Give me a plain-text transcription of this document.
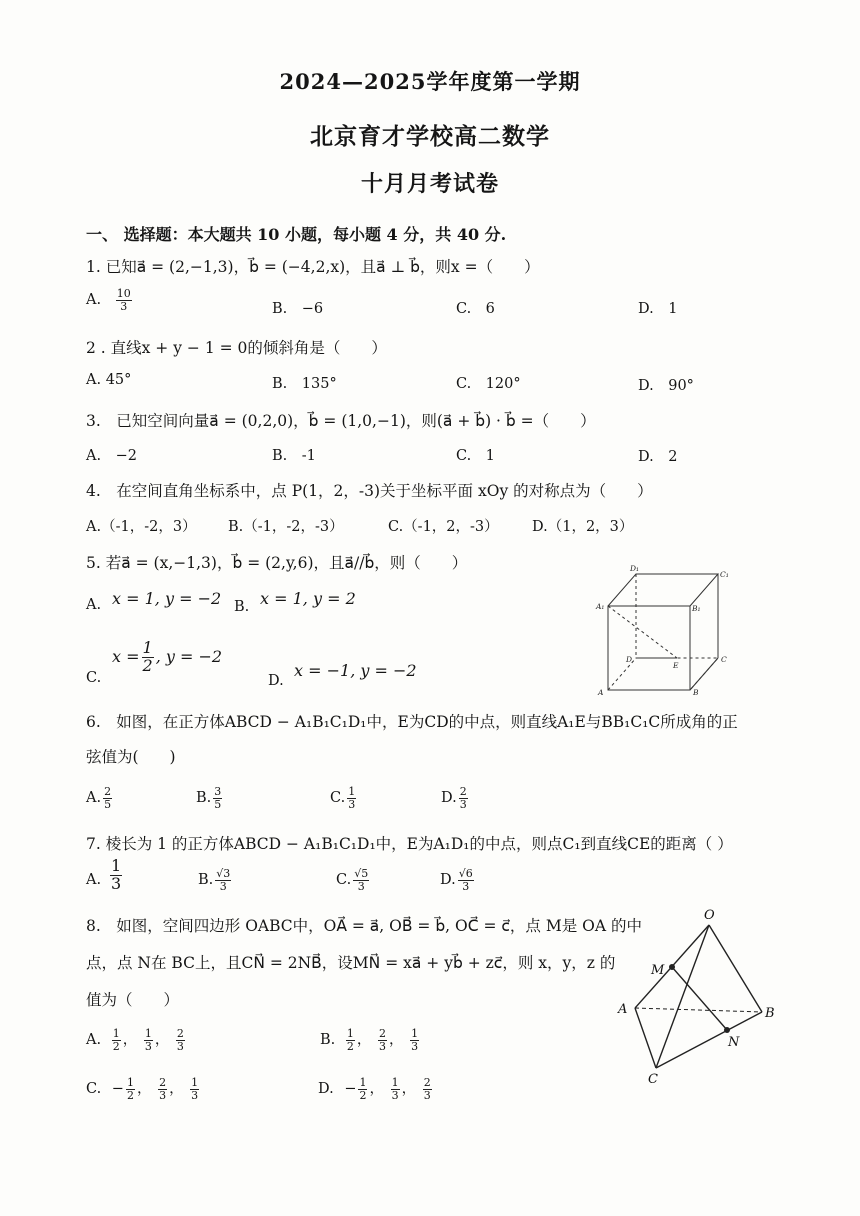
2024—2025学年度第一学期
北京育才学校高二数学
十月月考试卷
一、 选择题：本大题共 10 小题，每小题 4 分，共 40 分.
1. 已知a⃗ = (2,−1,3)，b⃗ = (−4,2,x)，且a⃗ ⊥ b⃗，则x =（　　）
A. $\frac{10}{3}$	B.　−6	C.　6	D.　1
2 . 直线x + y − 1 = 0的倾斜角是（　　）
A. 45°	B.　135°	C.　120°	D.　90°
3.　已知空间向量a⃗ = (0,2,0)，b⃗ = (1,0,−1)，则(a⃗ + b⃗) · b⃗ =（　　）
A.　−2	B.　-1	C.　1	D.　2
4.　在空间直角坐标系中，点 P(1，2，-3)关于坐标平面 xOy 的对称点为（　　）
A.（-1，-2，3） B.（-1，-2，-3）	C.（-1，2，-3） D.（1，2，3）
5. 若a⃗ = (x,−1,3)，b⃗ = (2,y,6)，且a⃗//b⃗，则（　　）
A. x = 1, y = −2 B. x = 1, y = 2
C.
$x = \frac{1}{2}$ , y = −2
D.
x = −1, y = −2
D₁
C₁
A₁	B₁
D
E
C
A	B
6.　如图，在正方体ABCD − A₁B₁C₁D₁中，E为CD的中点，则直线A₁E与BB₁C₁C所成角的正
弦值为(　　)
A. $\frac{2}{5}$	B. $\frac{3}{5}$	C. $\frac{1}{3}$	D. $\frac{2}{3}$
7. 棱长为 1 的正方体ABCD − A₁B₁C₁D₁中，E为A₁D₁的中点，则点C₁到直线CE的距离（ ）
A. $\frac{1}{3}$	B. $\frac{√3}{3}$	C. $\frac{√5}{3}$	D. $\frac{√6}{3}$
8.　如图，空间四边形 OABC中，OA⃗ = a⃗, OB⃗ = b⃗, OC⃗ = c⃗，点 M是 OA 的中
点，点 N在 BC上，且CN⃗ = 2NB⃗，设MN⃗ = xa⃗ + yb⃗ + zc⃗，则 x，y，z 的
值为（　　）
A. $\frac{1}{2}$ ， $\frac{1}{3}$ ， $\frac{2}{3}$	B. $\frac{1}{2}$ ， $\frac{2}{3}$ ， $\frac{1}{3}$
C. − $\frac{1}{2}$ ， $\frac{2}{3}$ ， $\frac{1}{3}$	D. − $\frac{1}{2}$ ， $\frac{1}{3}$ ， $\frac{2}{3}$
O
M
A	B
N
C
